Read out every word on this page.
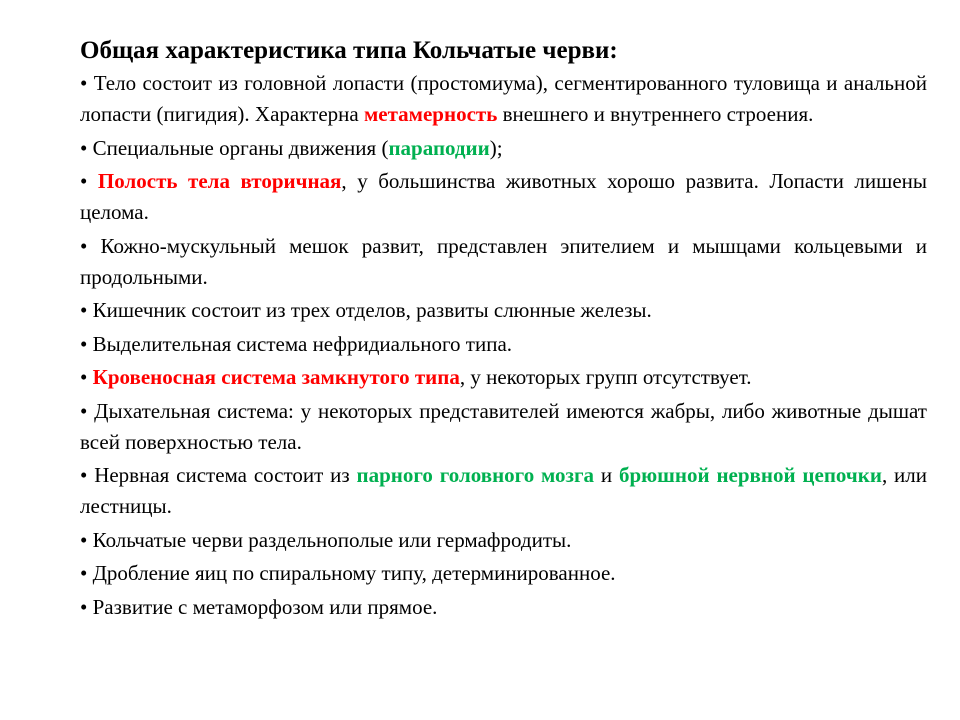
Общая характеристика типа Кольчатые черви:

• Тело состоит из головной лопасти (простомиума), сегментированного туловища и анальной лопасти (пигидия). Характерна метамерность внешнего и внутреннего строения.

• Специальные органы движения (параподии);

• Полость тела вторичная, у большинства животных хорошо развита. Лопасти лишены целома.

• Кожно-мускульный мешок развит, представлен эпителием и мышцами кольцевыми и продольными.

• Кишечник состоит из трех отделов, развиты слюнные железы.

• Выделительная система нефридиального типа.

• Кровеносная система замкнутого типа, у некоторых групп отсутствует.

• Дыхательная система: у некоторых представителей имеются жабры, либо животные дышат всей поверхностью тела.

• Нервная система состоит из парного головного мозга и брюшной нервной цепочки, или лестницы.

• Кольчатые черви раздельнополые или гермафродиты.

• Дробление яиц по спиральному типу, детерминированное.

• Развитие с метаморфозом или прямое.
